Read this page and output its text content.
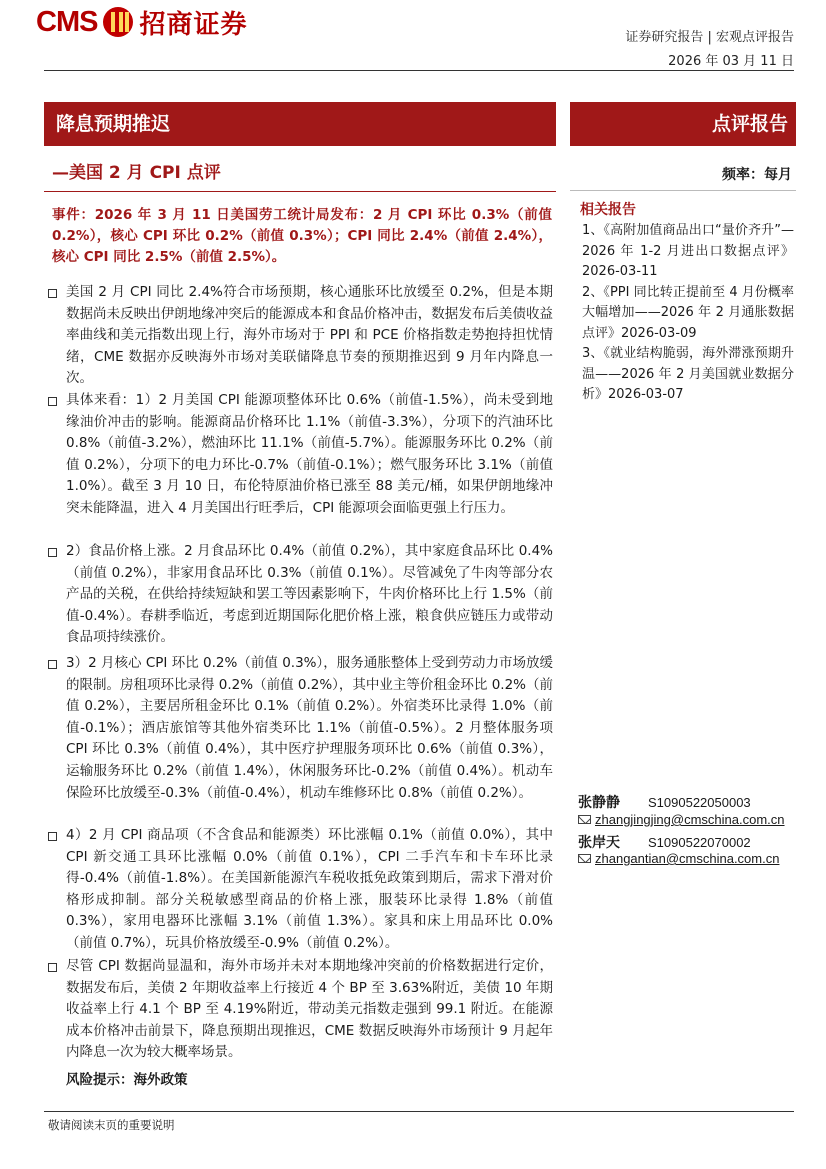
CMS 招商证券	证券研究报告 | 宏观点评报告
2026 年 03 月 11 日
降息预期推迟
—美国 2 月 CPI 点评
事件：2026 年 3 月 11 日美国劳工统计局发布：2 月 CPI 环比 0.3%（前值 0.2%），核心 CPI 环比 0.2%（前值 0.3%）；CPI 同比 2.4%（前值 2.4%），核心 CPI 同比 2.5%（前值 2.5%）。
美国 2 月 CPI 同比 2.4%符合市场预期，核心通胀环比放缓至 0.2%，但是本期数据尚未反映出伊朗地缘冲突后的能源成本和食品价格冲击，数据发布后美债收益率曲线和美元指数出现上行，海外市场对于 PPI 和 PCE 价格指数走势抱持担忧情绪，CME 数据亦反映海外市场对美联储降息节奏的预期推迟到 9 月年内降息一次。
具体来看：1）2 月美国 CPI 能源项整体环比 0.6%（前值-1.5%），尚未受到地缘油价冲击的影响。能源商品价格环比 1.1%（前值-3.3%），分项下的汽油环比 0.8%（前值-3.2%），燃油环比 11.1%（前值-5.7%）。能源服务环比 0.2%（前值 0.2%），分项下的电力环比-0.7%（前值-0.1%）；燃气服务环比 3.1%（前值 1.0%）。截至 3 月 10 日，布伦特原油价格已涨至 88 美元/桶，如果伊朗地缘冲突未能降温，进入 4 月美国出行旺季后，CPI 能源项会面临更强上行压力。
2）食品价格上涨。2 月食品环比 0.4%（前值 0.2%），其中家庭食品环比 0.4%（前值 0.2%），非家用食品环比 0.3%（前值 0.1%）。尽管减免了牛肉等部分农产品的关税，在供给持续短缺和罢工等因素影响下，牛肉价格环比上行 1.5%（前值-0.4%）。春耕季临近，考虑到近期国际化肥价格上涨，粮食供应链压力或带动食品项持续涨价。
3）2 月核心 CPI 环比 0.2%（前值 0.3%），服务通胀整体上受到劳动力市场放缓的限制。房租项环比录得 0.2%（前值 0.2%），其中业主等价租金环比 0.2%（前值 0.2%），主要居所租金环比 0.1%（前值 0.2%）。外宿类环比录得 1.0%（前值-0.1%）；酒店旅馆等其他外宿类环比 1.1%（前值-0.5%）。2 月整体服务项 CPI 环比 0.3%（前值 0.4%），其中医疗护理服务项环比 0.6%（前值 0.3%），运输服务环比 0.2%（前值 1.4%），休闲服务环比-0.2%（前值 0.4%）。机动车保险环比放缓至-0.3%（前值-0.4%），机动车维修环比 0.8%（前值 0.2%）。
4）2 月 CPI 商品项（不含食品和能源类）环比涨幅 0.1%（前值 0.0%），其中 CPI 新交通工具环比涨幅 0.0%（前值 0.1%），CPI 二手汽车和卡车环比录得-0.4%（前值-1.8%）。在美国新能源汽车税收抵免政策到期后，需求下滑对价格形成抑制。部分关税敏感型商品的价格上涨，服装环比录得 1.8%（前值 0.3%），家用电器环比涨幅 3.1%（前值 1.3%）。家具和床上用品环比 0.0%（前值 0.7%），玩具价格放缓至-0.9%（前值 0.2%）。
尽管 CPI 数据尚显温和，海外市场并未对本期地缘冲突前的价格数据进行定价，数据发布后，美债 2 年期收益率上行接近 4 个 BP 至 3.63%附近，美债 10 年期收益率上行 4.1 个 BP 至 4.19%附近，带动美元指数走强到 99.1 附近。在能源成本价格冲击前景下，降息预期出现推迟，CME 数据反映海外市场预计 9 月起年内降息一次为较大概率场景。
风险提示：海外政策
点评报告
频率：每月
相关报告
1、《高附加值商品出口“量价齐升”—2026 年 1-2 月进出口数据点评》2026-03-11
2、《PPI 同比转正提前至 4 月份概率大幅增加——2026 年 2 月通胀数据点评》2026-03-09
3、《就业结构脆弱，海外滞涨预期升温——2026 年 2 月美国就业数据分析》2026-03-07
张静静	S1090522050003
zhangjingjing@cmschina.com.cn
张岸天	S1090522070002
zhangantian@cmschina.com.cn
敬请阅读末页的重要说明
